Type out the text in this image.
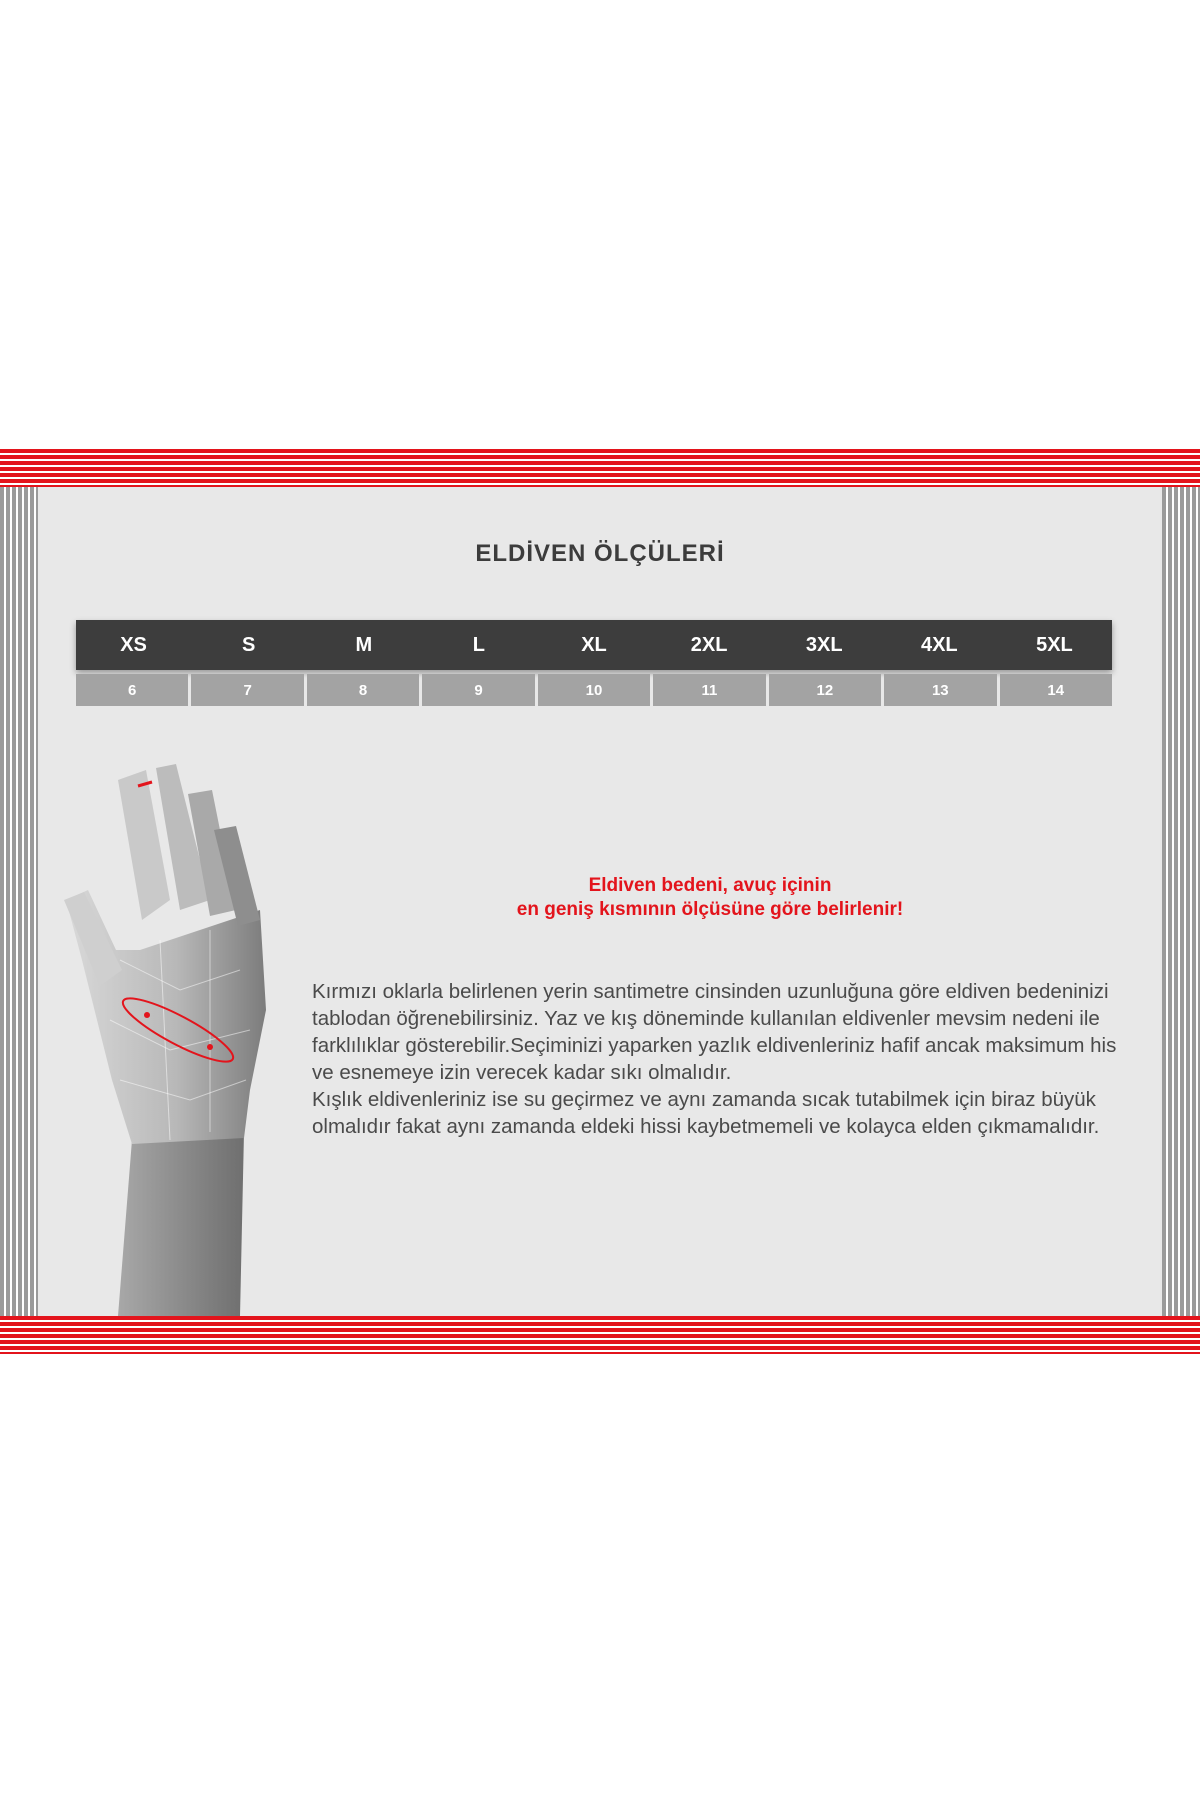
ELDİVEN ÖLÇÜLERİ
XS	S	M	L	XL	2XL	3XL	4XL	5XL
6	7	8	9	10	11	12	13	14
Eldiven bedeni, avuç içinin
en geniş kısmının ölçüsüne göre belirlenir!

Kırmızı oklarla belirlenen yerin santimetre cinsinden uzunluğuna göre eldiven bedeninizi tablodan öğrenebilirsiniz. Yaz ve kış döneminde kullanılan eldivenler mevsim nedeni ile farklılıklar gösterebilir.Seçiminizi yaparken yazlık eldivenleriniz hafif ancak maksimum his ve esnemeye izin verecek kadar sıkı olmalıdır.

Kışlık eldivenleriniz ise su geçirmez ve aynı zamanda sıcak tutabilmek için biraz büyük olmalıdır fakat aynı zamanda eldeki hissi kaybetmemeli ve kolayca elden çıkmamalıdır.
